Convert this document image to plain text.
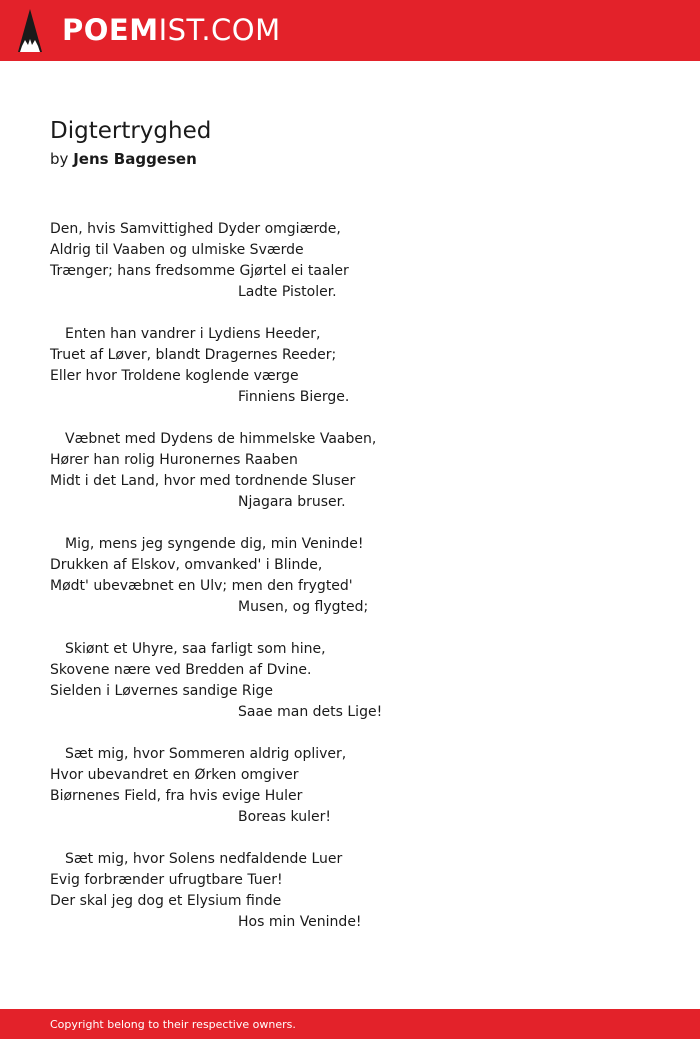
POEMIST.COM
Digtertryghed
by Jens Baggesen
Den, hvis Samvittighed Dyder omgiærde,
Aldrig til Vaaben og ulmiske Sværde
Trænger; hans fredsomme Gjørtel ei taaler
Ladte Pistoler.
Enten han vandrer i Lydiens Heeder,
Truet af Løver, blandt Dragernes Reeder;
Eller hvor Troldene koglende værge
Finniens Bierge.
Væbnet med Dydens de himmelske Vaaben,
Hører han rolig Huronernes Raaben
Midt i det Land, hvor med tordnende Sluser
Njagara bruser.
Mig, mens jeg syngende dig, min Veninde!
Drukken af Elskov, omvanked' i Blinde,
Mødt' ubevæbnet en Ulv; men den frygted'
Musen, og flygted;
Skiønt et Uhyre, saa farligt som hine,
Skovene nære ved Bredden af Dvine.
Sielden i Løvernes sandige Rige
Saae man dets Lige!
Sæt mig, hvor Sommeren aldrig opliver,
Hvor ubevandret en Ørken omgiver
Biørnenes Field, fra hvis evige Huler
Boreas kuler!
Sæt mig, hvor Solens nedfaldende Luer
Evig forbrænder ufrugtbare Tuer!
Der skal jeg dog et Elysium finde
Hos min Veninde!
Copyright belong to their respective owners.
